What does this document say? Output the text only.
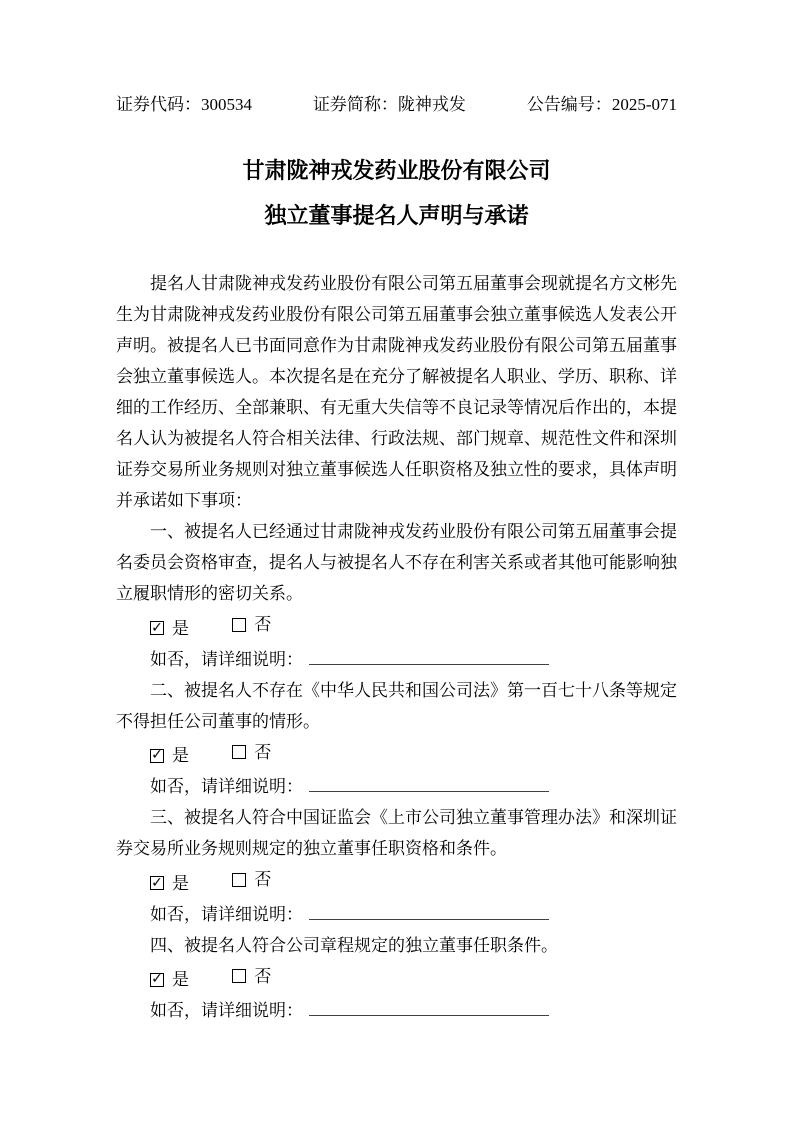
证券代码：300534	证券简称：陇神戎发	公告编号：2025-071
甘肃陇神戎发药业股份有限公司
独立董事提名人声明与承诺

提名人甘肃陇神戎发药业股份有限公司第五届董事会现就提名方文彬先生为甘肃陇神戎发药业股份有限公司第五届董事会独立董事候选人发表公开声明。被提名人已书面同意作为甘肃陇神戎发药业股份有限公司第五届董事会独立董事候选人。本次提名是在充分了解被提名人职业、学历、职称、详细的工作经历、全部兼职、有无重大失信等不良记录等情况后作出的，本提名人认为被提名人符合相关法律、行政法规、部门规章、规范性文件和深圳证券交易所业务规则对独立董事候选人任职资格及独立性的要求，具体声明并承诺如下事项：

一、被提名人已经通过甘肃陇神戎发药业股份有限公司第五届董事会提名委员会资格审查，提名人与被提名人不存在利害关系或者其他可能影响独立履职情形的密切关系。

✓ 是
	否
如否，请详细说明：

二、被提名人不存在《中华人民共和国公司法》第一百七十八条等规定不得担任公司董事的情形。

✓ 是
	否
如否，请详细说明：

三、被提名人符合中国证监会《上市公司独立董事管理办法》和深圳证券交易所业务规则规定的独立董事任职资格和条件。

✓ 是
	否
如否，请详细说明：

四、被提名人符合公司章程规定的独立董事任职条件。

✓ 是
	否
如否，请详细说明：
